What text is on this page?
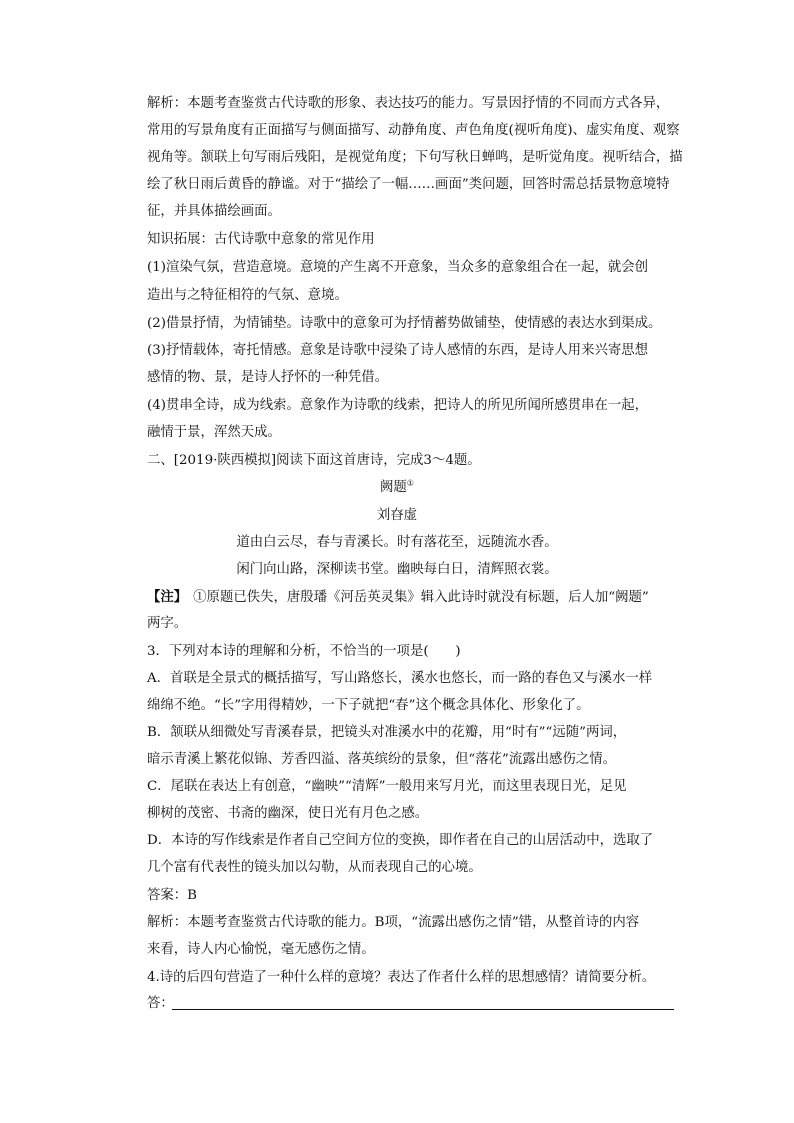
解析：本题考查鉴赏古代诗歌的形象、表达技巧的能力。写景因抒情的不同而方式各异，
常用的写景角度有正面描写与侧面描写、动静角度、声色角度(视听角度)、虚实角度、观察
视角等。颔联上句写雨后残阳，是视觉角度；下句写秋日蝉鸣，是听觉角度。视听结合，描
绘了秋日雨后黄昏的静谧。对于“描绘了一幅……画面”类问题，回答时需总括景物意境特
征，并具体描绘画面。
知识拓展：古代诗歌中意象的常见作用
(1)渲染气氛，营造意境。意境的产生离不开意象，当众多的意象组合在一起，就会创
造出与之特征相符的气氛、意境。
(2)借景抒情，为情铺垫。诗歌中的意象可为抒情蓄势做铺垫，使情感的表达水到渠成。
(3)抒情载体，寄托情感。意象是诗歌中浸染了诗人感情的东西，是诗人用来兴寄思想
感情的物、景，是诗人抒怀的一种凭借。
(4)贯串全诗，成为线索。意象作为诗歌的线索，把诗人的所见所闻所感贯串在一起，
融情于景，浑然天成。
二、[2019·陕西模拟]阅读下面这首唐诗，完成3～4题。
阙题①
刘昚虚
道由白云尽，春与青溪长。时有落花至，远随流水香。
闲门向山路，深柳读书堂。幽映每白日，清辉照衣裳。
【注】 ①原题已佚失，唐殷璠《河岳英灵集》辑入此诗时就没有标题，后人加“阙题”
两字。
3．下列对本诗的理解和分析，不恰当的一项是(　　)
A．首联是全景式的概括描写，写山路悠长，溪水也悠长，而一路的春色又与溪水一样
绵绵不绝。“长”字用得精妙，一下子就把“春”这个概念具体化、形象化了。
B．颔联从细微处写青溪春景，把镜头对准溪水中的花瓣，用“时有”“远随”两词，
暗示青溪上繁花似锦、芳香四溢、落英缤纷的景象，但“落花”流露出感伤之情。
C．尾联在表达上有创意，“幽映”“清辉”一般用来写月光，而这里表现日光，足见
柳树的茂密、书斋的幽深，使日光有月色之感。
D．本诗的写作线索是作者自己空间方位的变换，即作者在自己的山居活动中，选取了
几个富有代表性的镜头加以勾勒，从而表现自己的心境。
答案：B
解析：本题考查鉴赏古代诗歌的能力。B项，“流露出感伤之情”错，从整首诗的内容
来看，诗人内心愉悦，毫无感伤之情。
4.诗的后四句营造了一种什么样的意境？表达了作者什么样的思想感情？请简要分析。
答：
